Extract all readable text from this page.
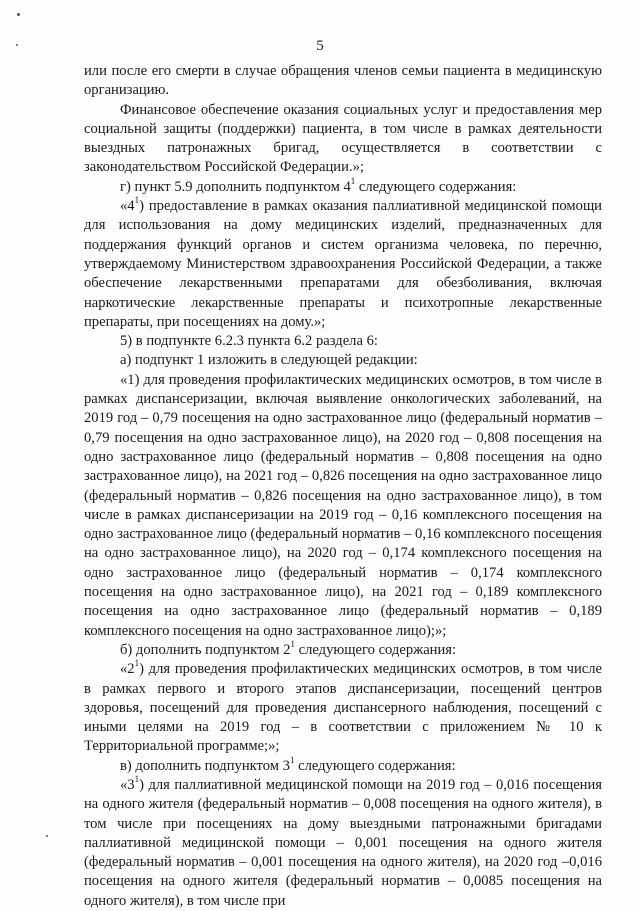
5

или после его смерти в случае обращения членов семьи пациента в медицинскую организацию.

Финансовое обеспечение оказания социальных услуг и предоставления мер социальной защиты (поддержки) пациента, в том числе в рамках деятельности выездных патронажных бригад, осуществляется в соответствии с законодательством Российской Федерации.»;

г) пункт 5.9 дополнить подпунктом $4^1$ следующего содержания:

«$4^1$) предоставление в рамках оказания паллиативной медицинской помощи для использования на дому медицинских изделий, предназначенных для поддержания функций органов и систем организма человека, по перечню, утверждаемому Министерством здравоохранения Российской Федерации, а также обеспечение лекарственными препаратами для обезболивания, включая наркотические лекарственные препараты и психотропные лекарственные препараты, при посещениях на дому.»;

5) в подпункте 6.2.3 пункта 6.2 раздела 6:

а) подпункт 1 изложить в следующей редакции:

«1) для проведения профилактических медицинских осмотров, в том числе в рамках диспансеризации, включая выявление онкологических заболеваний, на 2019 год – 0,79 посещения на одно застрахованное лицо (федеральный норматив – 0,79 посещения на одно застрахованное лицо), на 2020 год – 0,808 посещения на одно застрахованное лицо (федеральный норматив – 0,808 посещения на одно застрахованное лицо), на 2021 год – 0,826 посещения на одно застрахованное лицо (федеральный норматив – 0,826 посещения на одно застрахованное лицо), в том числе в рамках диспансеризации на 2019 год – 0,16 комплексного посещения на одно застрахованное лицо (федеральный норматив – 0,16 комплексного посещения на одно застрахованное лицо), на 2020 год – 0,174 комплексного посещения на одно застрахованное лицо (федеральный норматив – 0,174 комплексного посещения на одно застрахованное лицо), на 2021 год – 0,189 комплексного посещения на одно застрахованное лицо (федеральный норматив – 0,189 комплексного посещения на одно застрахованное лицо);»;

б) дополнить подпунктом $2^1$ следующего содержания:

«$2^1$) для проведения профилактических медицинских осмотров, в том числе в рамках первого и второго этапов диспансеризации, посещений центров здоровья, посещений для проведения диспансерного наблюдения, посещений с иными целями на 2019 год – в соответствии с приложением № 10 к Территориальной программе;»;

в) дополнить подпунктом $3^1$ следующего содержания:

«$3^1$) для паллиативной медицинской помощи на 2019 год – 0,016 посещения на одного жителя (федеральный норматив – 0,008 посещения на одного жителя), в том числе при посещениях на дому выездными патронажными бригадами паллиативной медицинской помощи – 0,001 посещения на одного жителя (федеральный норматив – 0,001 посещения на одного жителя), на 2020 год –0,016 посещения на одного жителя (федеральный норматив – 0,0085 посещения на одного жителя), в том числе при
